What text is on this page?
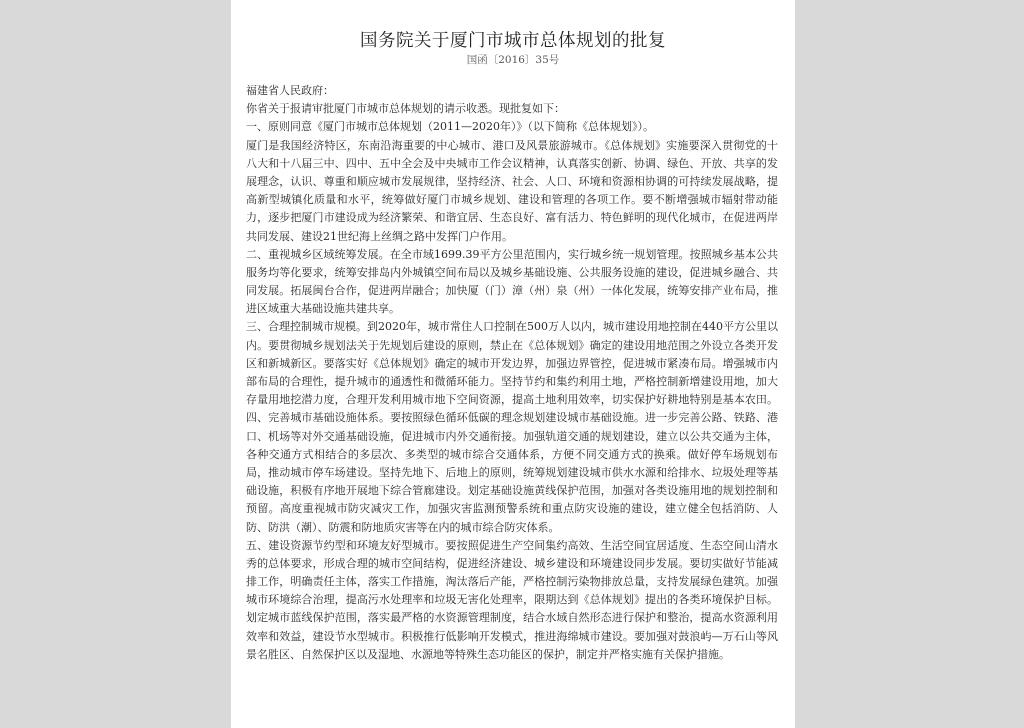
国务院关于厦门市城市总体规划的批复
国函〔2016〕35号
福建省人民政府：
你省关于报请审批厦门市城市总体规划的请示收悉。现批复如下：
一、原则同意《厦门市城市总体规划（2011—2020年）》（以下简称《总体规划》）。
厦门是我国经济特区，东南沿海重要的中心城市、港口及风景旅游城市。《总体规划》实施要深入贯彻党的十
八大和十八届三中、四中、五中全会及中央城市工作会议精神，认真落实创新、协调、绿色、开放、共享的发
展理念，认识、尊重和顺应城市发展规律，坚持经济、社会、人口、环境和资源相协调的可持续发展战略，提
高新型城镇化质量和水平，统筹做好厦门市城乡规划、建设和管理的各项工作。要不断增强城市辐射带动能
力，逐步把厦门市建设成为经济繁荣、和谐宜居、生态良好、富有活力、特色鲜明的现代化城市，在促进两岸
共同发展、建设21世纪海上丝绸之路中发挥门户作用。
二、重视城乡区域统筹发展。在全市域1699.39平方公里范围内，实行城乡统一规划管理。按照城乡基本公共
服务均等化要求，统筹安排岛内外城镇空间布局以及城乡基础设施、公共服务设施的建设，促进城乡融合、共
同发展。拓展闽台合作，促进两岸融合；加快厦（门）漳（州）泉（州）一体化发展，统筹安排产业布局，推
进区域重大基础设施共建共享。
三、合理控制城市规模。到2020年，城市常住人口控制在500万人以内，城市建设用地控制在440平方公里以
内。要贯彻城乡规划法关于先规划后建设的原则，禁止在《总体规划》确定的建设用地范围之外设立各类开发
区和新城新区。要落实好《总体规划》确定的城市开发边界，加强边界管控，促进城市紧凑布局。增强城市内
部布局的合理性，提升城市的通透性和微循环能力。坚持节约和集约利用土地，严格控制新增建设用地，加大
存量用地挖潜力度，合理开发利用城市地下空间资源，提高土地利用效率，切实保护好耕地特别是基本农田。
四、完善城市基础设施体系。要按照绿色循环低碳的理念规划建设城市基础设施。进一步完善公路、铁路、港
口、机场等对外交通基础设施，促进城市内外交通衔接。加强轨道交通的规划建设，建立以公共交通为主体，
各种交通方式相结合的多层次、多类型的城市综合交通体系，方便不同交通方式的换乘。做好停车场规划布
局，推动城市停车场建设。坚持先地下、后地上的原则，统筹规划建设城市供水水源和给排水、垃圾处理等基
础设施，积极有序地开展地下综合管廊建设。划定基础设施黄线保护范围，加强对各类设施用地的规划控制和
预留。高度重视城市防灾减灾工作，加强灾害监测预警系统和重点防灾设施的建设，建立健全包括消防、人
防、防洪（潮）、防震和防地质灾害等在内的城市综合防灾体系。
五、建设资源节约型和环境友好型城市。要按照促进生产空间集约高效、生活空间宜居适度、生态空间山清水
秀的总体要求，形成合理的城市空间结构，促进经济建设、城乡建设和环境建设同步发展。要切实做好节能减
排工作，明确责任主体，落实工作措施，淘汰落后产能，严格控制污染物排放总量，支持发展绿色建筑。加强
城市环境综合治理，提高污水处理率和垃圾无害化处理率，限期达到《总体规划》提出的各类环境保护目标。
划定城市蓝线保护范围，落实最严格的水资源管理制度，结合水域自然形态进行保护和整治，提高水资源利用
效率和效益，建设节水型城市。积极推行低影响开发模式，推进海绵城市建设。要加强对鼓浪屿—万石山等风
景名胜区、自然保护区以及湿地、水源地等特殊生态功能区的保护，制定并严格实施有关保护措施。
